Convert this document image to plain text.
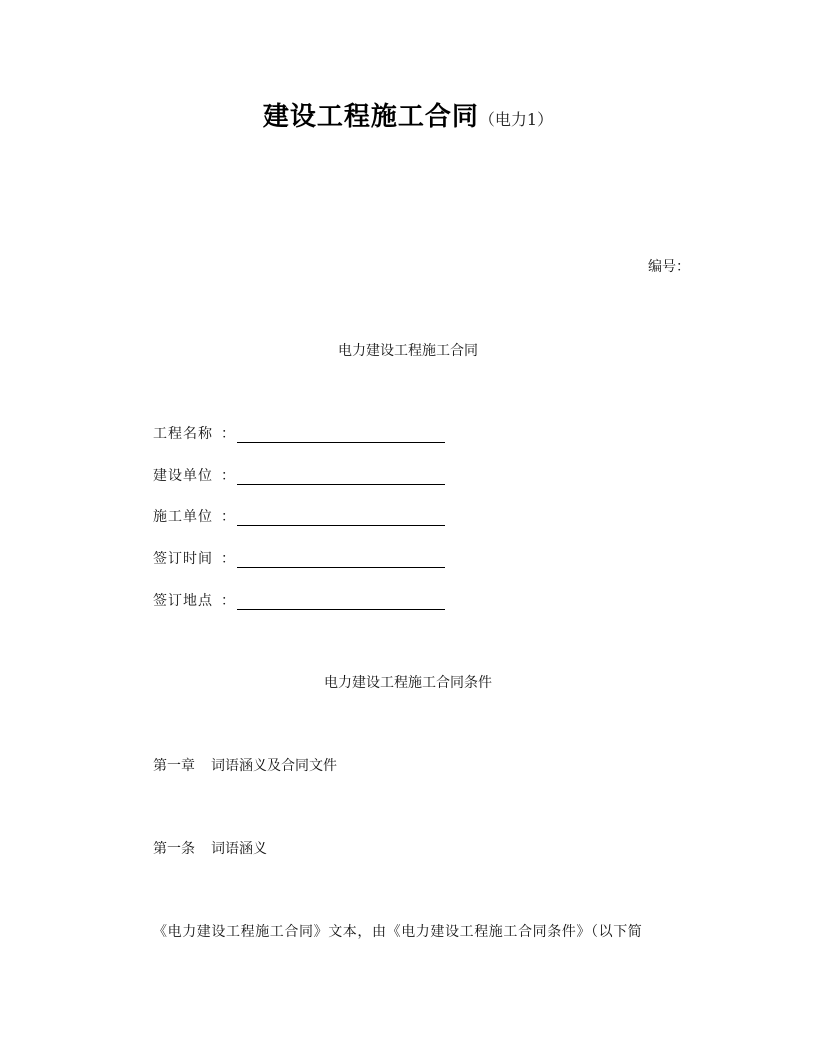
建设工程施工合同（电力1）
编号：
电力建设工程施工合同
工程名称 ：
建设单位 ：
施工单位 ：
签订时间 ：
签订地点 ：
电力建设工程施工合同条件
第一章 词语涵义及合同文件
第一条 词语涵义
《电力建设工程施工合同》文本，由《电力建设工程施工合同条件》（以下简
